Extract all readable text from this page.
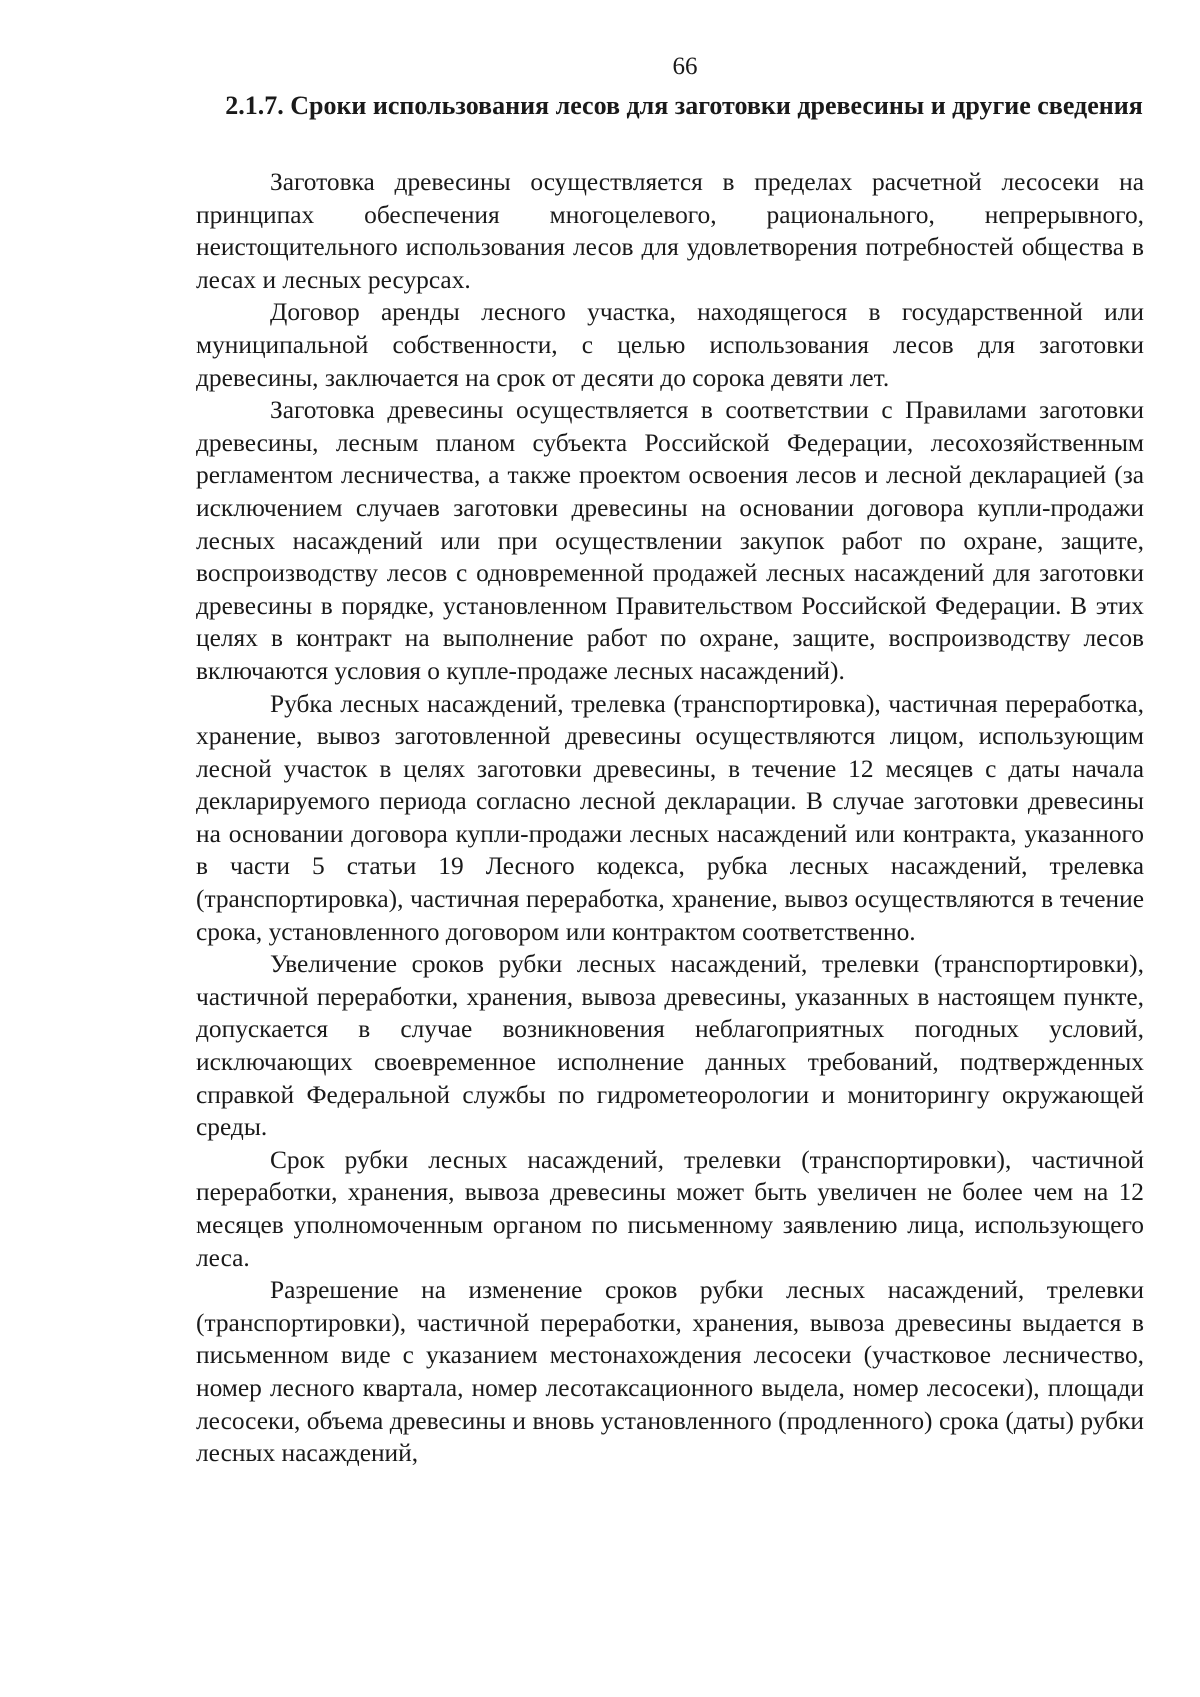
66
2.1.7. Сроки использования лесов для заготовки древесины и другие сведения

Заготовка древесины осуществляется в пределах расчетной лесосеки на принципах обеспечения многоцелевого, рационального, непрерывного, неистощительного использования лесов для удовлетворения потребностей общества в лесах и лесных ресурсах.

Договор аренды лесного участка, находящегося в государственной или муниципальной собственности, с целью использования лесов для заготовки древесины, заключается на срок от десяти до сорока девяти лет.

Заготовка древесины осуществляется в соответствии с Правилами заготовки древесины, лесным планом субъекта Российской Федерации, лесохозяйственным регламентом лесничества, а также проектом освоения лесов и лесной декларацией (за исключением случаев заготовки древесины на основании договора купли-продажи лесных насаждений или при осуществлении закупок работ по охране, защите, воспроизводству лесов с одновременной продажей лесных насаждений для заготовки древесины в порядке, установленном Правительством Российской Федерации. В этих целях в контракт на выполнение работ по охране, защите, воспроизводству лесов включаются условия о купле-продаже лесных насаждений).

Рубка лесных насаждений, трелевка (транспортировка), частичная переработка, хранение, вывоз заготовленной древесины осуществляются лицом, использующим лесной участок в целях заготовки древесины, в течение 12 месяцев с даты начала декларируемого периода согласно лесной декларации. В случае заготовки древесины на основании договора купли-продажи лесных насаждений или контракта, указанного в части 5 статьи 19 Лесного кодекса, рубка лесных насаждений, трелевка (транспортировка), частичная переработка, хранение, вывоз осуществляются в течение срока, установленного договором или контрактом соответственно.

Увеличение сроков рубки лесных насаждений, трелевки (транспортировки), частичной переработки, хранения, вывоза древесины, указанных в настоящем пункте, допускается в случае возникновения неблагоприятных погодных условий, исключающих своевременное исполнение данных требований, подтвержденных справкой Федеральной службы по гидрометеорологии и мониторингу окружающей среды.

Срок рубки лесных насаждений, трелевки (транспортировки), частичной переработки, хранения, вывоза древесины может быть увеличен не более чем на 12 месяцев уполномоченным органом по письменному заявлению лица, использующего леса.

Разрешение на изменение сроков рубки лесных насаждений, трелевки (транспортировки), частичной переработки, хранения, вывоза древесины выдается в письменном виде с указанием местонахождения лесосеки (участковое лесничество, номер лесного квартала, номер лесотаксационного выдела, номер лесосеки), площади лесосеки, объема древесины и вновь установленного (продленного) срока (даты) рубки лесных насаждений,
